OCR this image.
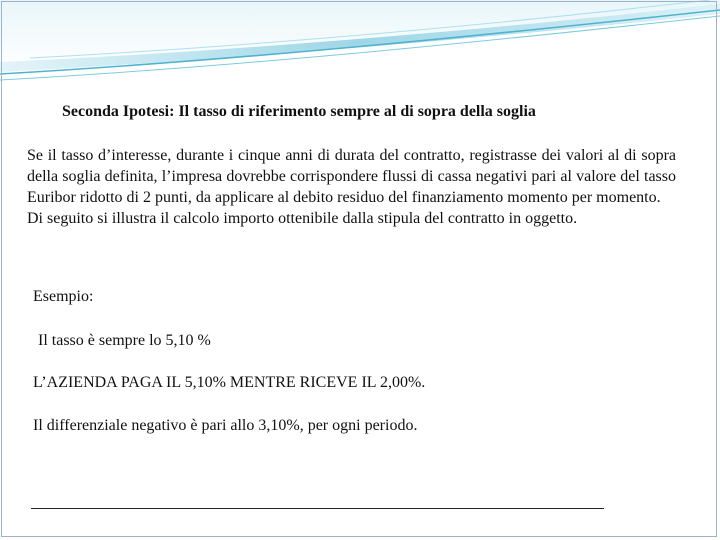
Seconda Ipotesi: Il tasso di riferimento sempre al di sopra della soglia

Se il tasso d’interesse, durante i cinque anni di durata del contratto, registrasse dei valori al di sopra della soglia definita, l’impresa dovrebbe corrispondere flussi di cassa negativi pari al valore del tasso Euribor ridotto di 2 punti, da applicare al debito residuo del finanziamento momento per momento.

Di seguito si illustra il calcolo importo ottenibile dalla stipula del contratto in oggetto.

Esempio:
Il tasso è sempre lo 5,10 %
L’AZIENDA PAGA IL 5,10% MENTRE RICEVE IL 2,00%.
Il differenziale negativo è pari allo 3,10%, per ogni periodo.
